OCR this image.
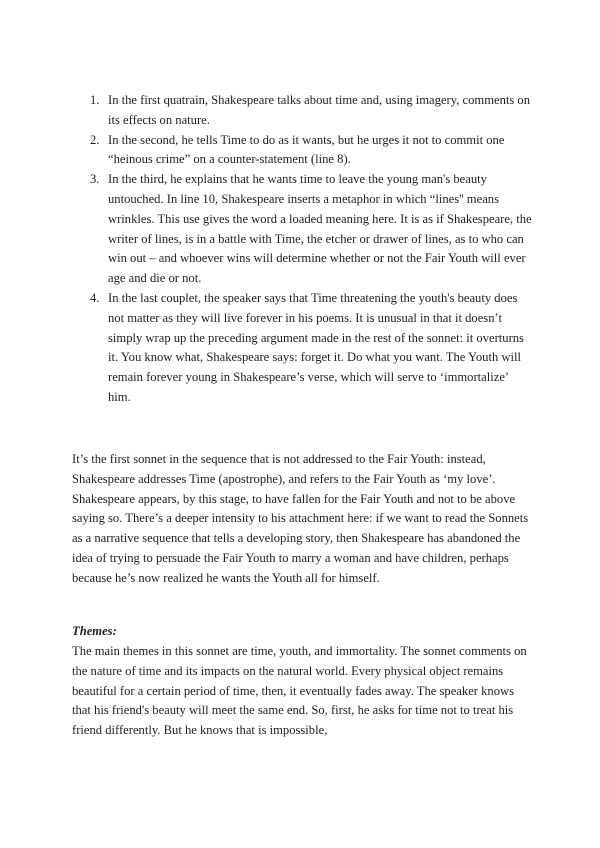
1. In the first quatrain, Shakespeare talks about time and, using imagery, comments on its effects on nature.
2. In the second, he tells Time to do as it wants, but he urges it not to commit one “heinous crime” on a counter-statement (line 8).
3. In the third, he explains that he wants time to leave the young man's beauty untouched. In line 10, Shakespeare inserts a metaphor in which “lines'' means wrinkles. This use gives the word a loaded meaning here. It is as if Shakespeare, the writer of lines, is in a battle with Time, the etcher or drawer of lines, as to who can win out – and whoever wins will determine whether or not the Fair Youth will ever age and die or not.
4. In the last couplet, the speaker says that Time threatening the youth's beauty does not matter as they will live forever in his poems. It is unusual in that it doesn’t simply wrap up the preceding argument made in the rest of the sonnet: it overturns it. You know what, Shakespeare says: forget it. Do what you want. The Youth will remain forever young in Shakespeare’s verse, which will serve to ‘immortalize’ him.

It’s the first sonnet in the sequence that is not addressed to the Fair Youth: instead, Shakespeare addresses Time (apostrophe), and refers to the Fair Youth as ‘my love’. Shakespeare appears, by this stage, to have fallen for the Fair Youth and not to be above saying so. There’s a deeper intensity to his attachment here: if we want to read the Sonnets as a narrative sequence that tells a developing story, then Shakespeare has abandoned the idea of trying to persuade the Fair Youth to marry a woman and have children, perhaps because he’s now realized he wants the Youth all for himself.

Themes:

The main themes in this sonnet are time, youth, and immortality. The sonnet comments on the nature of time and its impacts on the natural world. Every physical object remains beautiful for a certain period of time, then, it eventually fades away. The speaker knows that his friend's beauty will meet the same end. So, first, he asks for time not to treat his friend differently. But he knows that is impossible,
